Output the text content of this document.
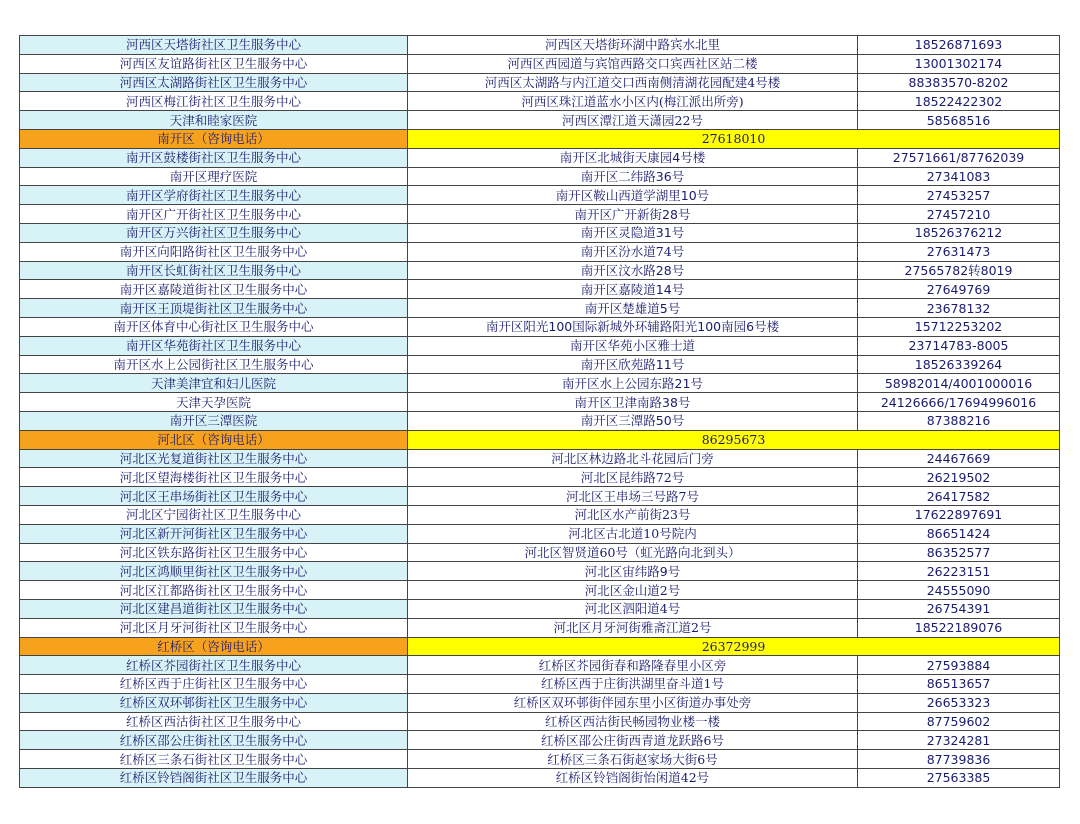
河西区天塔街社区卫生服务中心	河西区天塔街环湖中路宾水北里	18526871693
河西区友谊路街社区卫生服务中心	河西区西园道与宾馆西路交口宾西社区站二楼	13001302174
河西区太湖路街社区卫生服务中心	河西区太湖路与内江道交口西南侧清湖花园配建4号楼	88383570-8202
河西区梅江街社区卫生服务中心	河西区珠江道蓝水小区内(梅江派出所旁)	18522422302
天津和睦家医院	河西区潭江道天潇园22号	58568516
南开区（咨询电话）	27618010	
南开区鼓楼街社区卫生服务中心	南开区北城街天康园4号楼	27571661/87762039
南开区理疗医院	南开区二纬路36号	27341083
南开区学府街社区卫生服务中心	南开区鞍山西道学湖里10号	27453257
南开区广开街社区卫生服务中心	南开区广开新街28号	27457210
南开区万兴街社区卫生服务中心	南开区灵隐道31号	18526376212
南开区向阳路街社区卫生服务中心	南开区汾水道74号	27631473
南开区长虹街社区卫生服务中心	南开区汶水路28号	27565782转8019
南开区嘉陵道街社区卫生服务中心	南开区嘉陵道14号	27649769
南开区王顶堤街社区卫生服务中心	南开区楚雄道5号	23678132
南开区体育中心街社区卫生服务中心	南开区阳光100国际新城外环辅路阳光100南园6号楼	15712253202
南开区华苑街社区卫生服务中心	南开区华苑小区雅士道	23714783-8005
南开区水上公园街社区卫生服务中心	南开区欣苑路11号	18526339264
天津美津宜和妇儿医院	南开区水上公园东路21号	58982014/4001000016
天津天孕医院	南开区卫津南路38号	24126666/17694996016
南开区三潭医院	南开区三潭路50号	87388216
河北区（咨询电话）	86295673	
河北区光复道街社区卫生服务中心	河北区林边路北斗花园后门旁	24467669
河北区望海楼街社区卫生服务中心	河北区昆纬路72号	26219502
河北区王串场街社区卫生服务中心	河北区王串场三号路7号	26417582
河北区宁园街社区卫生服务中心	河北区水产前街23号	17622897691
河北区新开河街社区卫生服务中心	河北区古北道10号院内	86651424
河北区铁东路街社区卫生服务中心	河北区智贤道60号（虹光路向北到头）	86352577
河北区鸿顺里街社区卫生服务中心	河北区宙纬路9号	26223151
河北区江都路街社区卫生服务中心	河北区金山道2号	24555090
河北区建昌道街社区卫生服务中心	河北区泗阳道4号	26754391
河北区月牙河街社区卫生服务中心	河北区月牙河街雅斋江道2号	18522189076
红桥区（咨询电话）	26372999	
红桥区芥园街社区卫生服务中心	红桥区芥园街春和路隆春里小区旁	27593884
红桥区西于庄街社区卫生服务中心	红桥区西于庄街洪湖里奋斗道1号	86513657
红桥区双环邨街社区卫生服务中心	红桥区双环邨街伴园东里小区街道办事处旁	26653323
红桥区西沽街社区卫生服务中心	红桥区西沽街民畅园物业楼一楼	87759602
红桥区邵公庄街社区卫生服务中心	红桥区邵公庄街西青道龙跃路6号	27324281
红桥区三条石街社区卫生服务中心	红桥区三条石街赵家场大街6号	87739836
红桥区铃铛阁街社区卫生服务中心	红桥区铃铛阁街怡闲道42号	27563385
